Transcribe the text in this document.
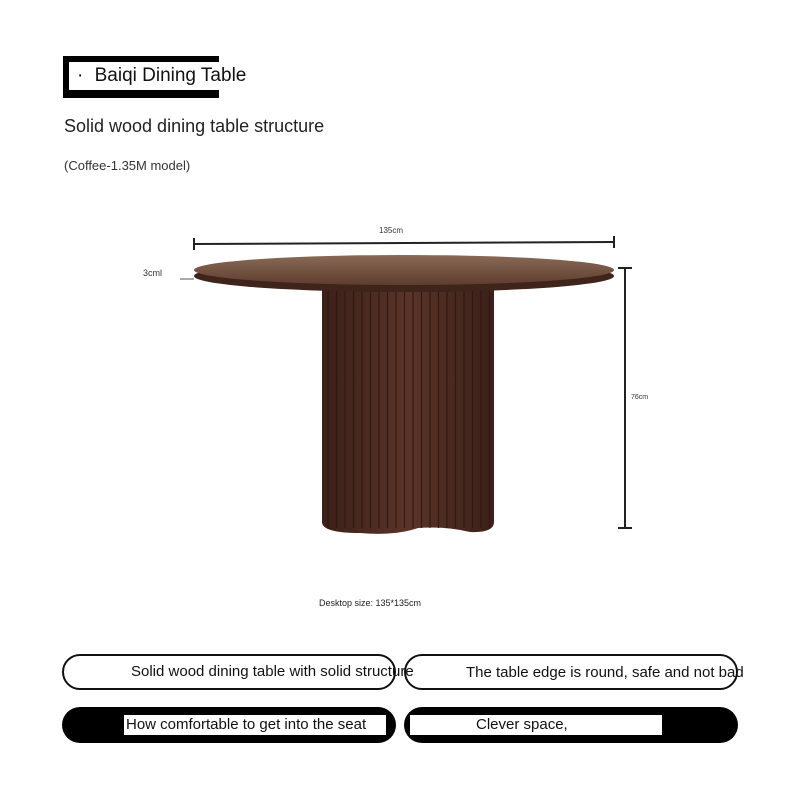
· Baiqi Dining Table
Solid wood dining table structure
(Coffee-1.35M model)
135cm
3cml
76cm
Desktop size: 135*135cm
Solid wood dining table with solid structure	The table edge is round, safe and not bad
How comfortable to get into the seat	Clever space,
